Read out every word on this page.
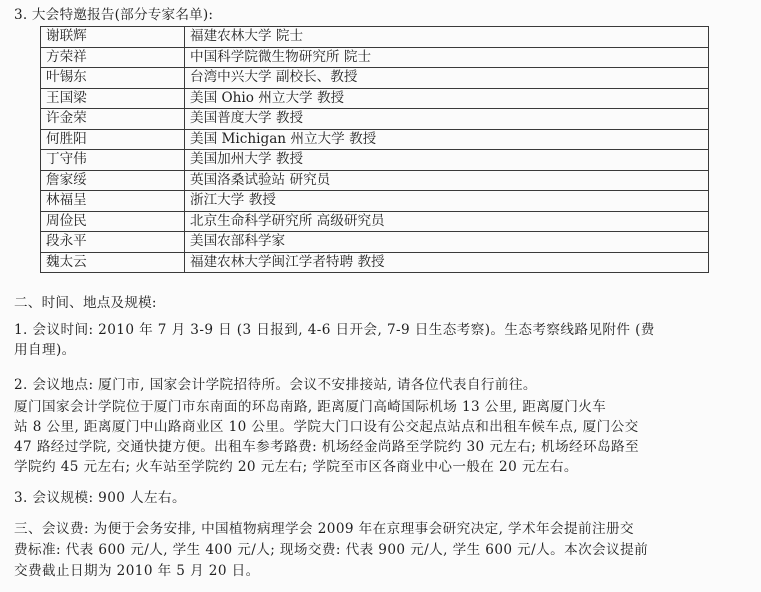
3. 大会特邀报告(部分专家名单):
谢联辉	福建农林大学 院士
方荣祥	中国科学院微生物研究所 院士
叶锡东	台湾中兴大学 副校长、教授
王国梁	美国 Ohio 州立大学 教授
许金荣	美国普度大学 教授
何胜阳	美国 Michigan 州立大学 教授
丁守伟	美国加州大学 教授
詹家绥	英国洛桑试验站 研究员
林福呈	浙江大学 教授
周俭民	北京生命科学研究所 高级研究员
段永平	美国农部科学家
魏太云	福建农林大学闽江学者特聘 教授
二、时间、地点及规模:
1. 会议时间: 2010 年 7 月 3-9 日 (3 日报到, 4-6 日开会, 7-9 日生态考察)。生态考察线路见附件 (费
用自理)。
2. 会议地点: 厦门市, 国家会计学院招待所。会议不安排接站, 请各位代表自行前往。
厦门国家会计学院位于厦门市东南面的环岛南路, 距离厦门高崎国际机场 13 公里, 距离厦门火车
站 8 公里, 距离厦门中山路商业区 10 公里。学院大门口设有公交起点站点和出租车候车点, 厦门公交
47 路经过学院, 交通快捷方便。出租车参考路费: 机场经金尚路至学院约 30 元左右; 机场经环岛路至
学院约 45 元左右; 火车站至学院约 20 元左右; 学院至市区各商业中心一般在 20 元左右。
3. 会议规模: 900 人左右。
三、会议费: 为便于会务安排, 中国植物病理学会 2009 年在京理事会研究决定, 学术年会提前注册交
费标准: 代表 600 元/人, 学生 400 元/人; 现场交费: 代表 900 元/人, 学生 600 元/人。本次会议提前
交费截止日期为 2010 年 5 月 20 日。
